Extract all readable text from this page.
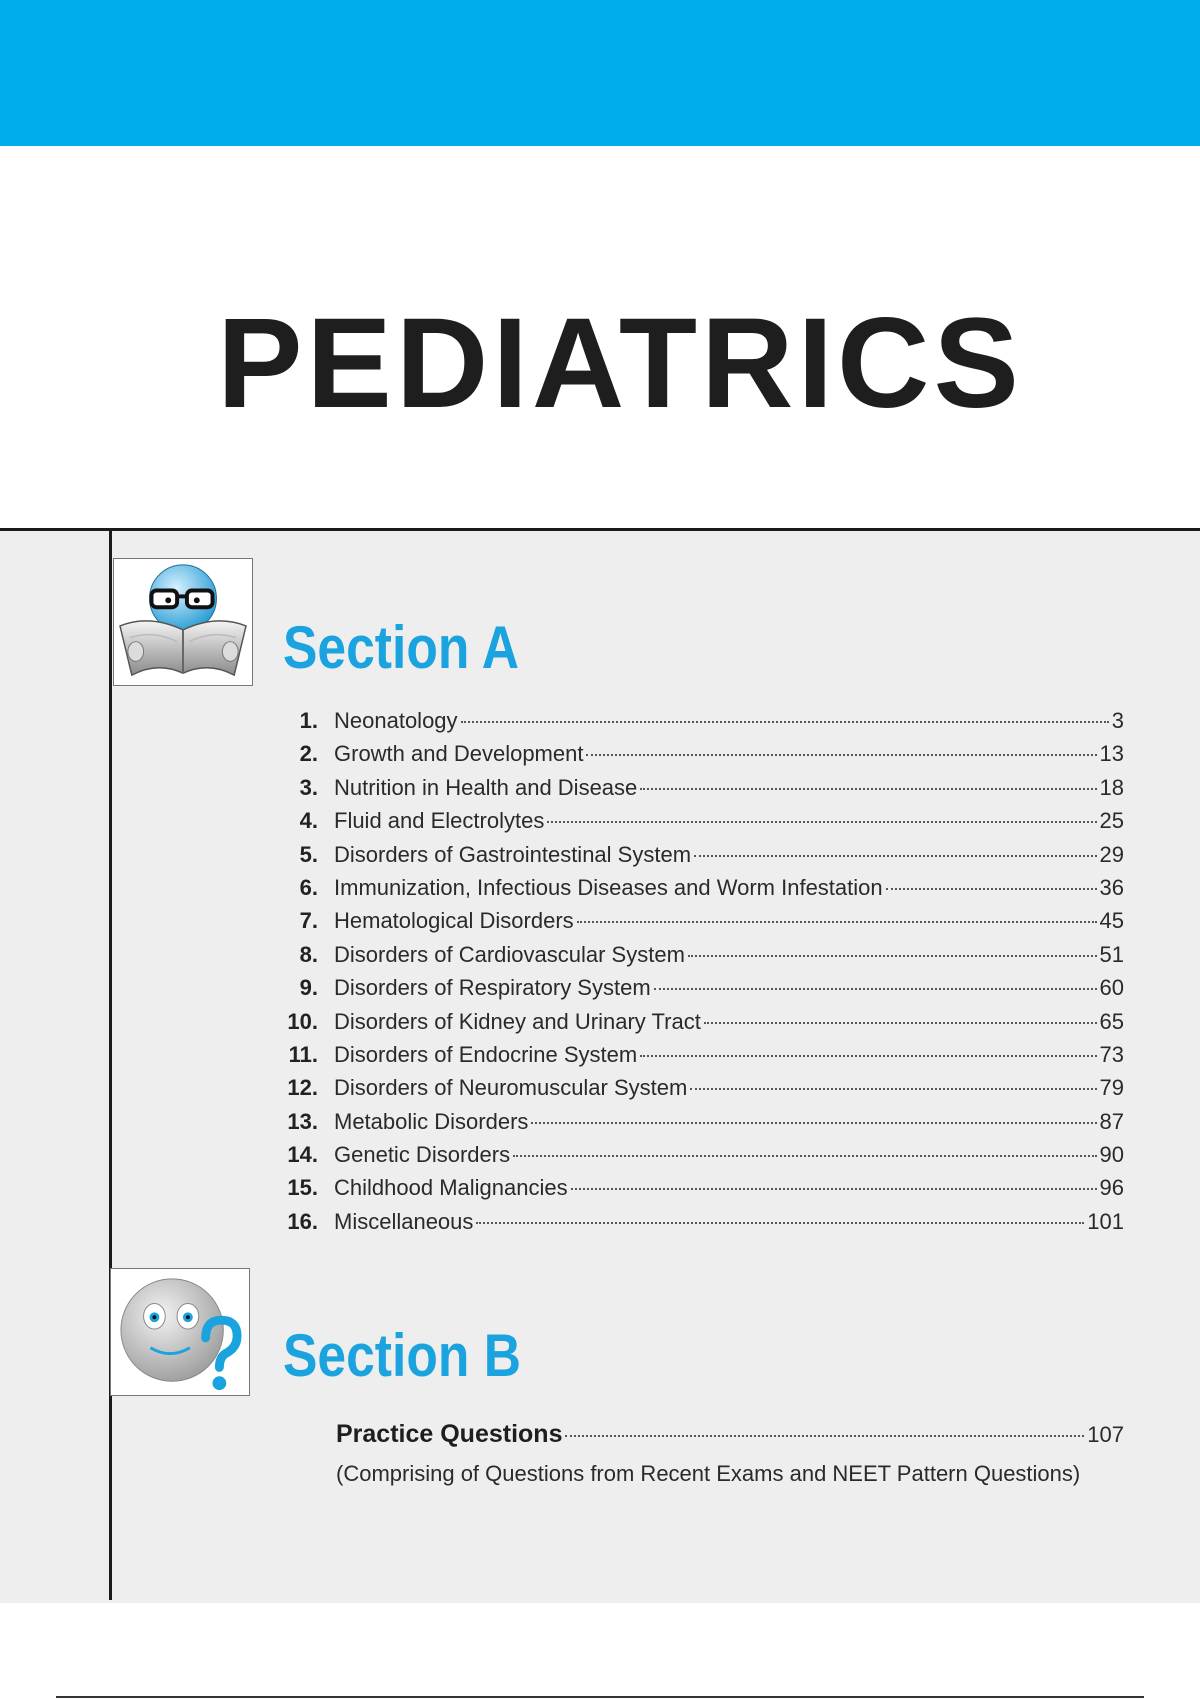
PEDIATRICS
Section A
1. Neonatology	3
2. Growth and Development	13
3. Nutrition in Health and Disease	18
4. Fluid and Electrolytes	25
5. Disorders of Gastrointestinal System	29
6. Immunization, Infectious Diseases and Worm Infestation	36
7. Hematological Disorders	45
8. Disorders of Cardiovascular System	51
9. Disorders of Respiratory System	60
10. Disorders of Kidney and Urinary Tract	65
11. Disorders of Endocrine System	73
12. Disorders of Neuromuscular System	79
13. Metabolic Disorders	87
14. Genetic Disorders	90
15. Childhood Malignancies	96
16. Miscellaneous	101
Section B
Practice Questions	107
(Comprising of Questions from Recent Exams and NEET Pattern Questions)
